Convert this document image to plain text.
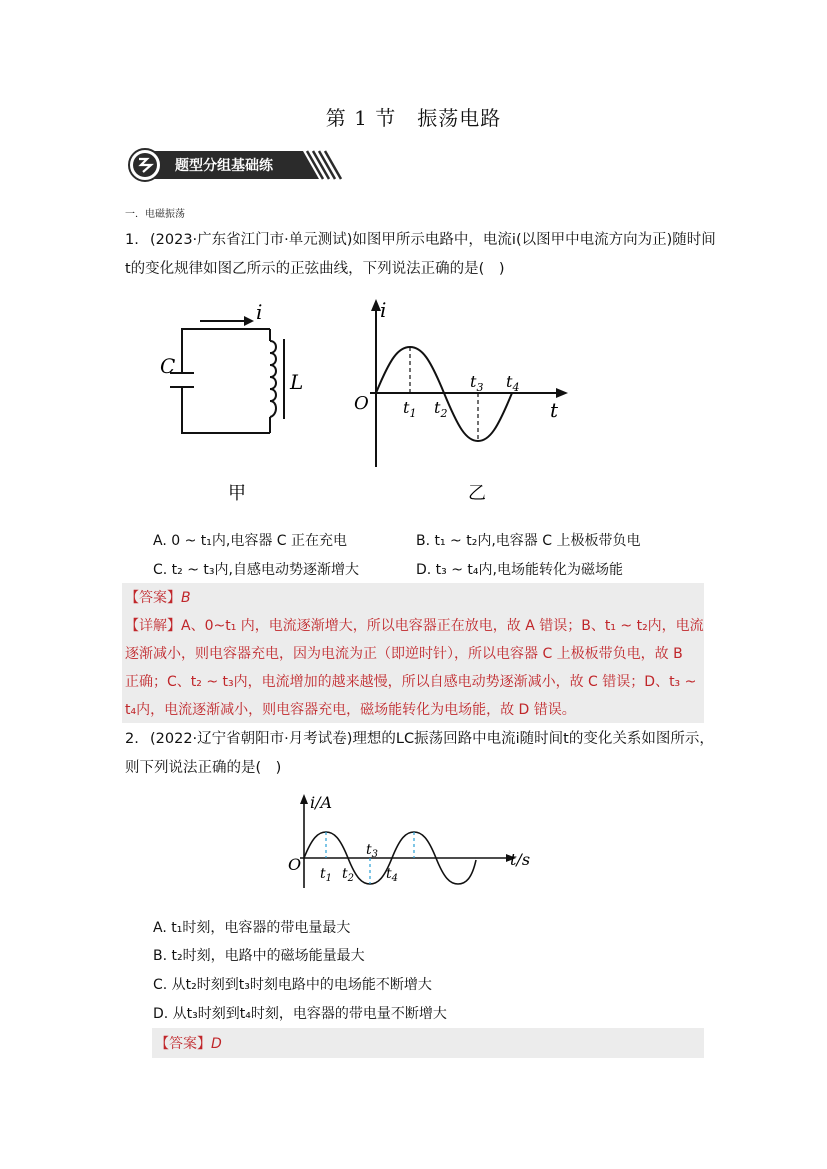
第 1 节　振荡电路
题型分组基础练
一．电磁振荡
1. (2023·广东省江门市·单元测试)如图甲所示电路中，电流i(以图甲中电流方向为正)随时间
t的变化规律如图乙所示的正弦曲线，下列说法正确的是(　)
i
C
L
甲
i
t
O $t_1$ $t_2$
$t_3$ $t_4$
乙
A. 0 ~ t₁内,电容器 C 正在充电	B. t₁ ~ t₂内,电容器 C 上极板带负电
C. t₂ ~ t₃内,自感电动势逐渐增大	D. t₃ ~ t₄内,电场能转化为磁场能
【答案】B
【详解】A、0~t₁ 内，电流逐渐增大，所以电容器正在放电，故 A 错误；B、t₁ ~ t₂内，电流
逐渐减小，则电容器充电，因为电流为正（即逆时针），所以电容器 C 上极板带负电，故 B
正确；C、t₂ ~ t₃内，电流增加的越来越慢，所以自感电动势逐渐减小，故 C 错误；D、t₃ ~
t₄内，电流逐渐减小，则电容器充电，磁场能转化为电场能，故 D 错误。
2. (2022·辽宁省朝阳市·月考试卷)理想的LC振荡回路中电流i随时间t的变化关系如图所示，
则下列说法正确的是(　)
i/A
t/s
O $t_1$ $t_2$
$t_3$
$t_4$
A. t₁时刻，电容器的带电量最大
B. t₂时刻，电路中的磁场能量最大
C. 从t₂时刻到t₃时刻电路中的电场能不断增大
D. 从t₃时刻到t₄时刻，电容器的带电量不断增大
【答案】D
